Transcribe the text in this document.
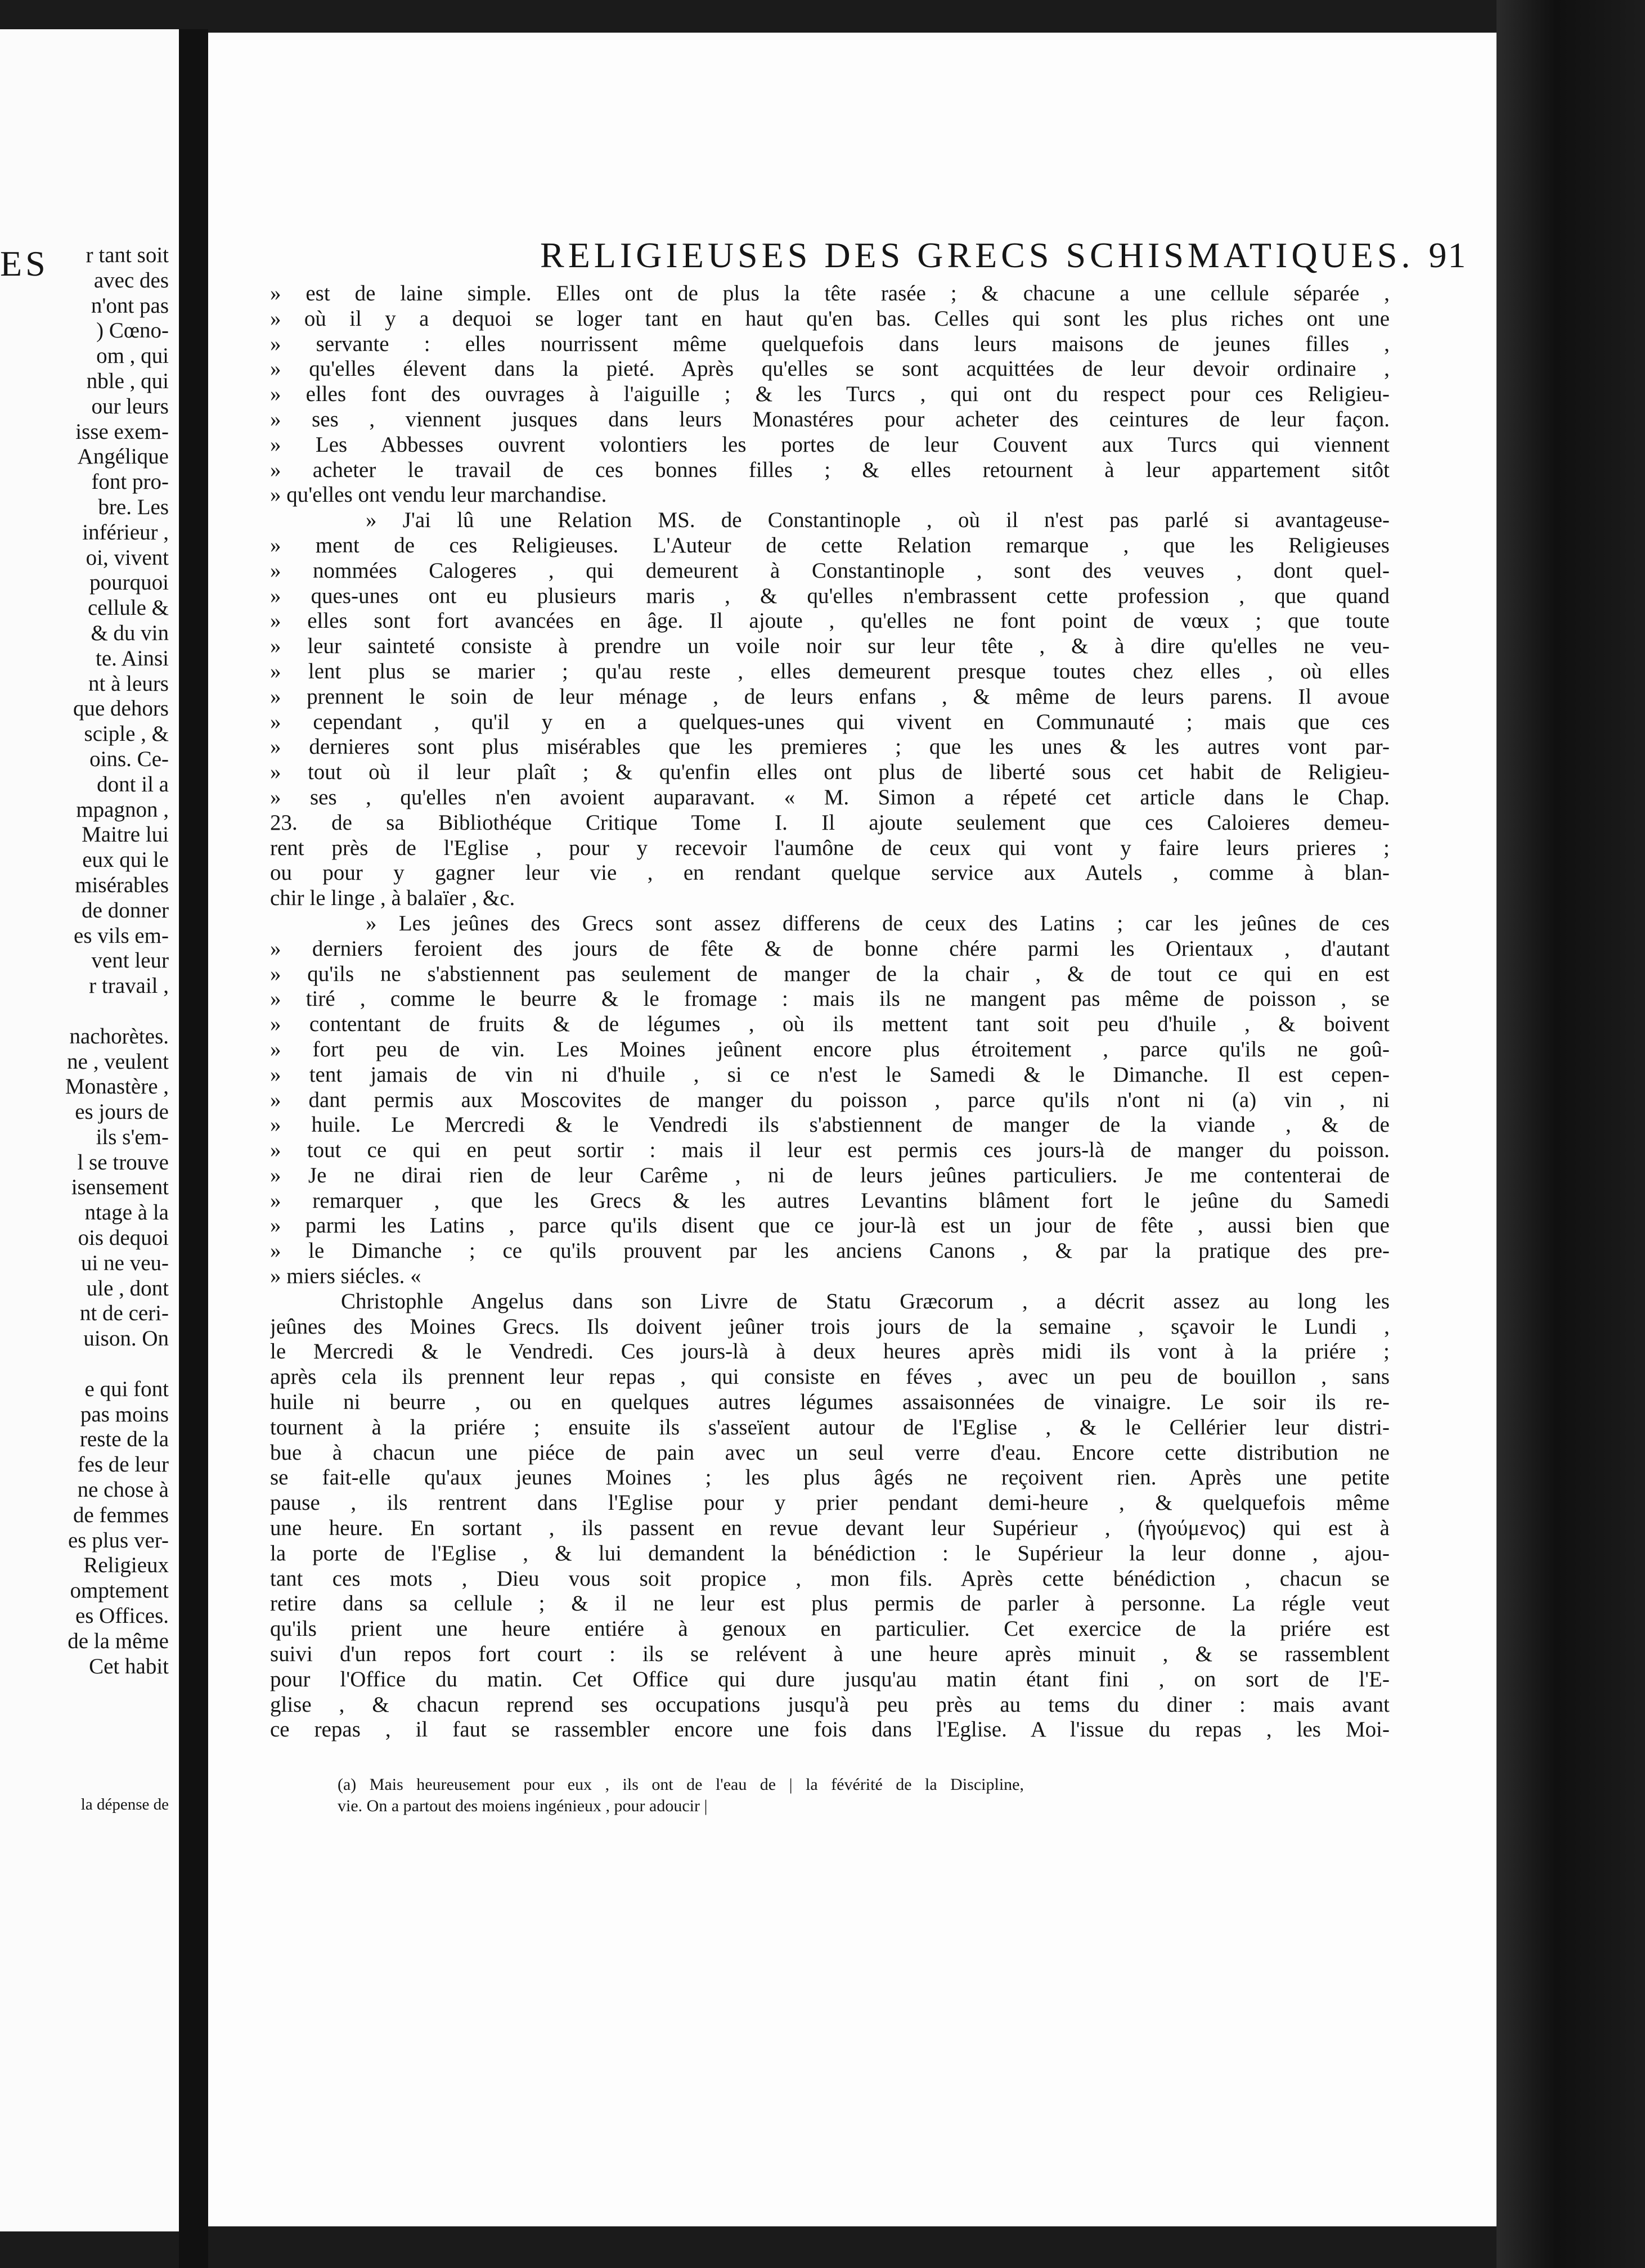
ES	r tant soit
avec des
n'ont pas
) Cœno-
om , qui
nble , qui
our leurs
isse exem-
Angélique
font pro-
bre. Les
inférieur ,
oi, vivent
pourquoi
cellule &
& du vin
te. Ainsi
nt à leurs
que dehors
sciple , &
oins. Ce-
dont il a
mpagnon ,
Maitre lui
eux qui le
misérables
de donner
es vils em-
vent leur
r travail ,
nachorètes.
ne , veulent
Monastère ,
es jours de
ils s'em-
l se trouve
isensement
ntage à la
ois dequoi
ui ne veu-
ule , dont
nt de ceri-
uison. On
e qui font
pas moins
reste de la
fes de leur
ne chose à
de femmes
es plus ver-
Religieux
omptement
es Offices.
de la même
Cet habit
la dépense de
RELIGIEUSES DES GRECS SCHISMATIQUES. 91
» est de laine simple. Elles ont de plus la tête rasée ; & chacune a une cellule séparée ,
» où il y a dequoi se loger tant en haut qu'en bas. Celles qui sont les plus riches ont une
» servante : elles nourrissent même quelquefois dans leurs maisons de jeunes filles ,
» qu'elles élevent dans la pieté. Après qu'elles se sont acquittées de leur devoir ordinaire ,
» elles font des ouvrages à l'aiguille ; & les Turcs , qui ont du respect pour ces Religieu-
» ses , viennent jusques dans leurs Monastéres pour acheter des ceintures de leur façon.
» Les Abbesses ouvrent volontiers les portes de leur Couvent aux Turcs qui viennent
» acheter le travail de ces bonnes filles ; & elles retournent à leur appartement sitôt
» qu'elles ont vendu leur marchandise.
» J'ai lû une Relation MS. de Constantinople , où il n'est pas parlé si avantageuse-
» ment de ces Religieuses. L'Auteur de cette Relation remarque , que les Religieuses
» nommées Calogeres , qui demeurent à Constantinople , sont des veuves , dont quel-
» ques-unes ont eu plusieurs maris , & qu'elles n'embrassent cette profession , que quand
» elles sont fort avancées en âge. Il ajoute , qu'elles ne font point de vœux ; que toute
» leur sainteté consiste à prendre un voile noir sur leur tête , & à dire qu'elles ne veu-
» lent plus se marier ; qu'au reste , elles demeurent presque toutes chez elles , où elles
» prennent le soin de leur ménage , de leurs enfans , & même de leurs parens. Il avoue
» cependant , qu'il y en a quelques-unes qui vivent en Communauté ; mais que ces
» dernieres sont plus misérables que les premieres ; que les unes & les autres vont par-
» tout où il leur plaît ; & qu'enfin elles ont plus de liberté sous cet habit de Religieu-
» ses , qu'elles n'en avoient auparavant. « M. Simon a répeté cet article dans le Chap.
23. de sa Bibliothéque Critique Tome I. Il ajoute seulement que ces Caloieres demeu-
rent près de l'Eglise , pour y recevoir l'aumône de ceux qui vont y faire leurs prieres ;
ou pour y gagner leur vie , en rendant quelque service aux Autels , comme à blan-
chir le linge , à balaïer , &c.
» Les jeûnes des Grecs sont assez differens de ceux des Latins ; car les jeûnes de ces
» derniers feroient des jours de fête & de bonne chére parmi les Orientaux , d'autant
» qu'ils ne s'abstiennent pas seulement de manger de la chair , & de tout ce qui en est
» tiré , comme le beurre & le fromage : mais ils ne mangent pas même de poisson , se
» contentant de fruits & de légumes , où ils mettent tant soit peu d'huile , & boivent
» fort peu de vin. Les Moines jeûnent encore plus étroitement , parce qu'ils ne goû-
» tent jamais de vin ni d'huile , si ce n'est le Samedi & le Dimanche. Il est cepen-
» dant permis aux Moscovites de manger du poisson , parce qu'ils n'ont ni (a) vin , ni
» huile. Le Mercredi & le Vendredi ils s'abstiennent de manger de la viande , & de
» tout ce qui en peut sortir : mais il leur est permis ces jours-là de manger du poisson.
» Je ne dirai rien de leur Carême , ni de leurs jeûnes particuliers. Je me contenterai de
» remarquer , que les Grecs & les autres Levantins blâment fort le jeûne du Samedi
» parmi les Latins , parce qu'ils disent que ce jour-là est un jour de fête , aussi bien que
» le Dimanche ; ce qu'ils prouvent par les anciens Canons , & par la pratique des pre-
» miers siécles. «
Christophle Angelus dans son Livre de Statu Græcorum , a décrit assez au long les
jeûnes des Moines Grecs. Ils doivent jeûner trois jours de la semaine , sçavoir le Lundi ,
le Mercredi & le Vendredi. Ces jours-là à deux heures après midi ils vont à la priére ;
après cela ils prennent leur repas , qui consiste en féves , avec un peu de bouillon , sans
huile ni beurre , ou en quelques autres légumes assaisonnées de vinaigre. Le soir ils re-
tournent à la priére ; ensuite ils s'asseïent autour de l'Eglise , & le Cellérier leur distri-
bue à chacun une piéce de pain avec un seul verre d'eau. Encore cette distribution ne
se fait-elle qu'aux jeunes Moines ; les plus âgés ne reçoivent rien. Après une petite
pause , ils rentrent dans l'Eglise pour y prier pendant demi-heure , & quelquefois même
une heure. En sortant , ils passent en revue devant leur Supérieur , (ἡγούμενος) qui est à
la porte de l'Eglise , & lui demandent la bénédiction : le Supérieur la leur donne , ajou-
tant ces mots , Dieu vous soit propice , mon fils. Après cette bénédiction , chacun se
retire dans sa cellule ; & il ne leur est plus permis de parler à personne. La régle veut
qu'ils prient une heure entiére à genoux en particulier. Cet exercice de la priére est
suivi d'un repos fort court : ils se relévent à une heure après minuit , & se rassemblent
pour l'Office du matin. Cet Office qui dure jusqu'au matin étant fini , on sort de l'E-
glise , & chacun reprend ses occupations jusqu'à peu près au tems du diner : mais avant
ce repas , il faut se rassembler encore une fois dans l'Eglise. A l'issue du repas , les Moi-
(a) Mais heureusement pour eux , ils ont de l'eau de | la févérité de la Discipline,
vie. On a partout des moiens ingénieux , pour adoucir |
